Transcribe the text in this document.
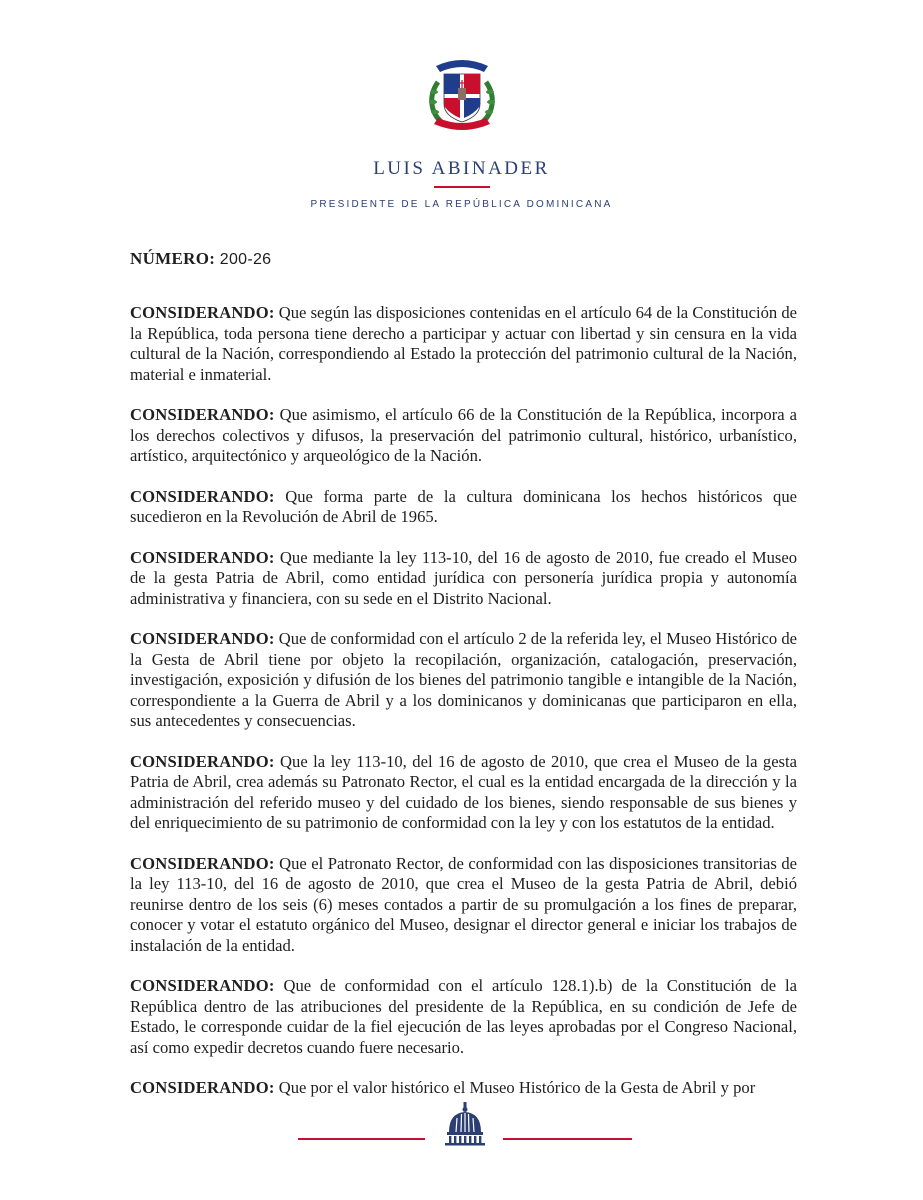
LUIS ABINADER
PRESIDENTE DE LA REPÚBLICA DOMINICANA
NÚMERO: 200-26

CONSIDERANDO: Que según las disposiciones contenidas en el artículo 64 de la Constitución de la República, toda persona tiene derecho a participar y actuar con libertad y sin censura en la vida cultural de la Nación, correspondiendo al Estado la protección del patrimonio cultural de la Nación, material e inmaterial.

CONSIDERANDO: Que asimismo, el artículo 66 de la Constitución de la República, incorpora a los derechos colectivos y difusos, la preservación del patrimonio cultural, histórico, urbanístico, artístico, arquitectónico y arqueológico de la Nación.

CONSIDERANDO: Que forma parte de la cultura dominicana los hechos históricos que sucedieron en la Revolución de Abril de 1965.

CONSIDERANDO: Que mediante la ley 113-10, del 16 de agosto de 2010, fue creado el Museo de la gesta Patria de Abril, como entidad jurídica con personería jurídica propia y autonomía administrativa y financiera, con su sede en el Distrito Nacional.

CONSIDERANDO: Que de conformidad con el artículo 2 de la referida ley, el Museo Histórico de la Gesta de Abril tiene por objeto la recopilación, organización, catalogación, preservación, investigación, exposición y difusión de los bienes del patrimonio tangible e intangible de la Nación, correspondiente a la Guerra de Abril y a los dominicanos y dominicanas que participaron en ella, sus antecedentes y consecuencias.

CONSIDERANDO: Que la ley 113-10, del 16 de agosto de 2010, que crea el Museo de la gesta Patria de Abril, crea además su Patronato Rector, el cual es la entidad encargada de la dirección y la administración del referido museo y del cuidado de los bienes, siendo responsable de sus bienes y del enriquecimiento de su patrimonio de conformidad con la ley y con los estatutos de la entidad.

CONSIDERANDO: Que el Patronato Rector, de conformidad con las disposiciones transitorias de la ley 113-10, del 16 de agosto de 2010, que crea el Museo de la gesta Patria de Abril, debió reunirse dentro de los seis (6) meses contados a partir de su promulgación a los fines de preparar, conocer y votar el estatuto orgánico del Museo, designar el director general e iniciar los trabajos de instalación de la entidad.

CONSIDERANDO: Que de conformidad con el artículo 128.1).b) de la Constitución de la República dentro de las atribuciones del presidente de la República, en su condición de Jefe de Estado, le corresponde cuidar de la fiel ejecución de las leyes aprobadas por el Congreso Nacional, así como expedir decretos cuando fuere necesario.

CONSIDERANDO: Que por el valor histórico el Museo Histórico de la Gesta de Abril y por
